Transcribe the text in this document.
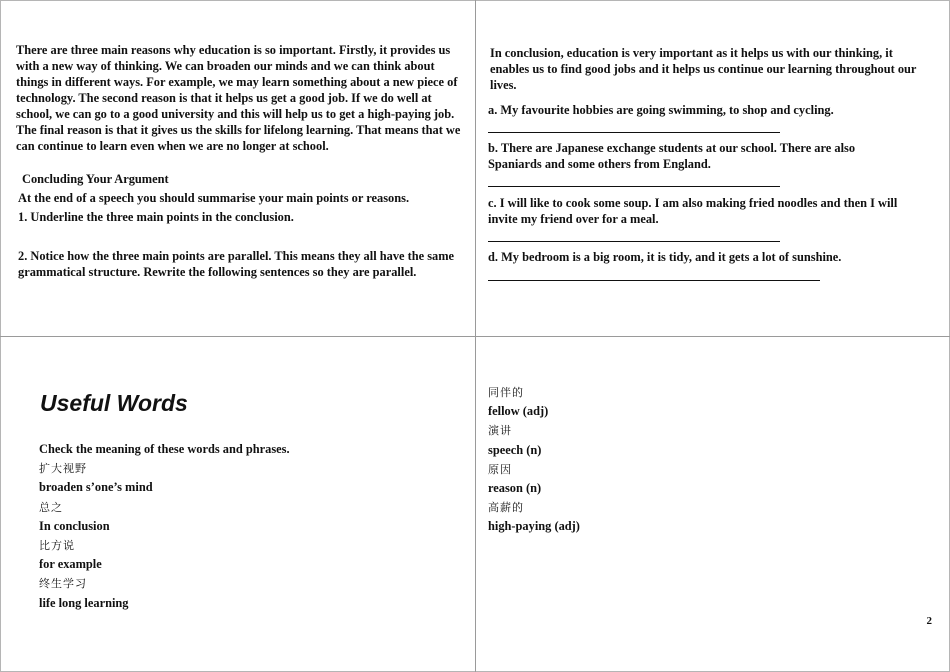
There are three main reasons why education is so important. Firstly, it provides us with a new way of thinking. We can broaden our minds and we can think about things in different ways. For example, we may learn something about a new piece of technology. The second reason is that it helps us get a good job. If we do well at school, we can go to a good university and this will help us to get a high-paying job. The final reason is that it gives us the skills for lifelong learning. That means that we can continue to learn even when we are no longer at school.
Concluding Your Argument
At the end of a speech you should summarise your main points or reasons.
1. Underline the three main points in the conclusion.
2. Notice how the three main points are parallel. This means they all have the same grammatical structure. Rewrite the following sentences so they are parallel.
In conclusion, education is very important as it helps us with our thinking, it enables us to find good jobs and it helps us continue our learning throughout our lives.
a. My favourite hobbies are going swimming, to shop and cycling.
b. There are Japanese exchange students at our school. There are also Spaniards and some others from England.
c. I will like to cook some soup. I am also making fried noodles and then I will invite my friend over for a meal.
d. My bedroom is a big room, it is tidy, and it gets a lot of sunshine.
Useful Words
Check the meaning of these words and phrases.
扩大视野
broaden s’one’s mind
总之
In conclusion
比方说
for example
终生学习
life long learning
同伴的
fellow (adj)
演讲
speech (n)
原因
reason (n)
高薪的
high-paying (adj)
2
